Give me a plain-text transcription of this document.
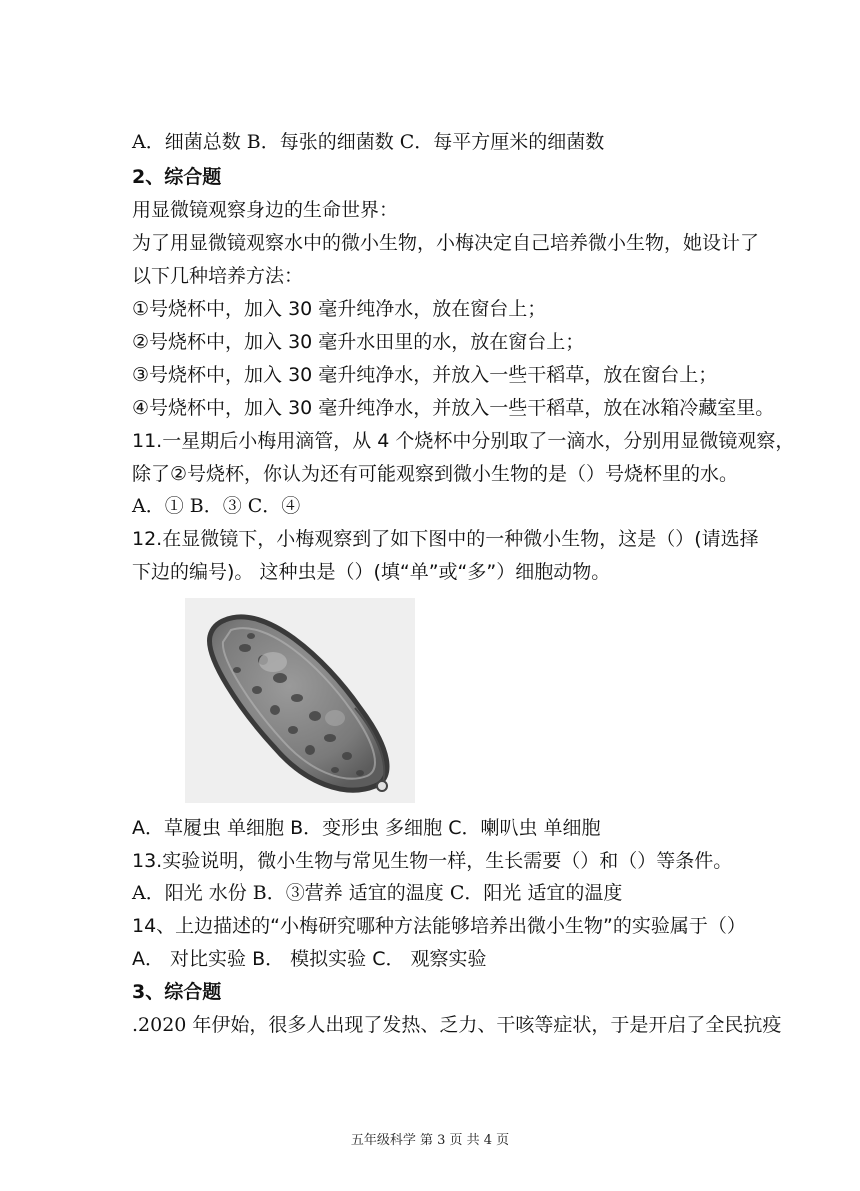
A．细菌总数 B．每张的细菌数 C．每平方厘米的细菌数
2、综合题
用显微镜观察身边的生命世界：
为了用显微镜观察水中的微小生物，小梅决定自己培养微小生物，她设计了
以下几种培养方法：
①号烧杯中，加入 30 毫升纯净水，放在窗台上；
②号烧杯中，加入 30 毫升水田里的水，放在窗台上；
③号烧杯中，加入 30 毫升纯净水，并放入一些干稻草，放在窗台上；
④号烧杯中，加入 30 毫升纯净水，并放入一些干稻草，放在冰箱冷藏室里。
11.一星期后小梅用滴管，从 4 个烧杯中分别取了一滴水，分别用显微镜观察，
除了②号烧杯，你认为还有可能观察到微小生物的是（）号烧杯里的水。
A．① B．③ C．④
12.在显微镜下，小梅观察到了如下图中的一种微小生物，这是（）(请选择
下边的编号)。 这种虫是（）(填“单”或“多”）细胞动物。
A．草履虫 单细胞 B．变形虫 多细胞 C．喇叭虫 单细胞
13.实验说明，微小生物与常见生物一样，生长需要（）和（）等条件。
A．阳光 水份 B．③营养 适宜的温度 C．阳光 适宜的温度
14、上边描述的“小梅研究哪种方法能够培养出微小生物”的实验属于（）
A． 对比实验 B． 模拟实验 C． 观察实验
3、综合题
.2020 年伊始，很多人出现了发热、乏力、干咳等症状，于是开启了全民抗疫
五年级科学 第 3 页 共 4 页
